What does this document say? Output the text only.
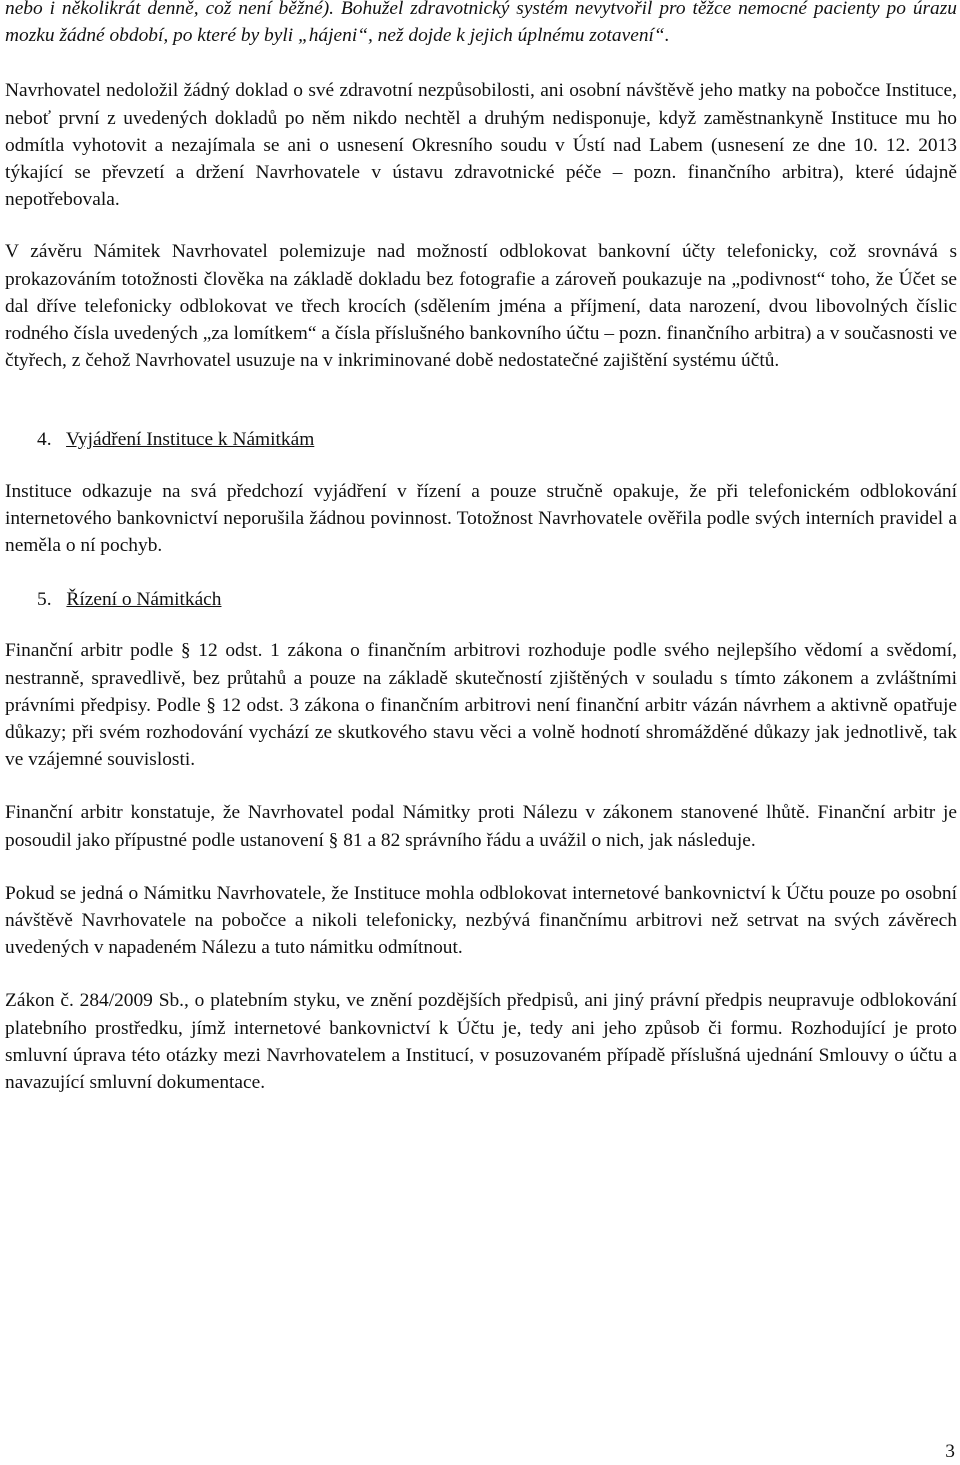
nebo i několikrát denně, což není běžné). Bohužel zdravotnický systém nevytvořil pro těžce nemocné pacienty po úrazu mozku žádné období, po které by byli „hájeni“, než dojde k jejich úplnému zotavení“.

Navrhovatel nedoložil žádný doklad o své zdravotní nezpůsobilosti, ani osobní návštěvě jeho matky na pobočce Instituce, neboť první z uvedených dokladů po něm nikdo nechtěl a druhým nedisponuje, když zaměstnankyně Instituce mu ho odmítla vyhotovit a nezajímala se ani o usnesení Okresního soudu v Ústí nad Labem (usnesení ze dne 10. 12. 2013 týkající se převzetí a držení Navrhovatele v ústavu zdravotnické péče – pozn. finančního arbitra), které údajně nepotřebovala.

V závěru Námitek Navrhovatel polemizuje nad možností odblokovat bankovní účty telefonicky, což srovnává s prokazováním totožnosti člověka na základě dokladu bez fotografie a zároveň poukazuje na „podivnost“ toho, že Účet se dal dříve telefonicky odblokovat ve třech krocích (sdělením jména a příjmení, data narození, dvou libovolných číslic rodného čísla uvedených „za lomítkem“ a čísla příslušného bankovního účtu – pozn. finančního arbitra) a v současnosti ve čtyřech, z čehož Navrhovatel usuzuje na v inkriminované době nedostatečné zajištění systému účtů.

4. Vyjádření Instituce k Námitkám

Instituce odkazuje na svá předchozí vyjádření v řízení a pouze stručně opakuje, že při telefonickém odblokování internetového bankovnictví neporušila žádnou povinnost. Totožnost Navrhovatele ověřila podle svých interních pravidel a neměla o ní pochyb.

5. Řízení o Námitkách

Finanční arbitr podle § 12 odst. 1 zákona o finančním arbitrovi rozhoduje podle svého nejlepšího vědomí a svědomí, nestranně, spravedlivě, bez průtahů a pouze na základě skutečností zjištěných v souladu s tímto zákonem a zvláštními právními předpisy. Podle § 12 odst. 3 zákona o finančním arbitrovi není finanční arbitr vázán návrhem a aktivně opatřuje důkazy; při svém rozhodování vychází ze skutkového stavu věci a volně hodnotí shromážděné důkazy jak jednotlivě, tak ve vzájemné souvislosti.

Finanční arbitr konstatuje, že Navrhovatel podal Námitky proti Nálezu v zákonem stanovené lhůtě. Finanční arbitr je posoudil jako přípustné podle ustanovení § 81 a 82 správního řádu a uvážil o nich, jak následuje.

Pokud se jedná o Námitku Navrhovatele, že Instituce mohla odblokovat internetové bankovnictví k Účtu pouze po osobní návštěvě Navrhovatele na pobočce a nikoli telefonicky, nezbývá finančnímu arbitrovi než setrvat na svých závěrech uvedených v napadeném Nálezu a tuto námitku odmítnout.

Zákon č. 284/2009 Sb., o platebním styku, ve znění pozdějších předpisů, ani jiný právní předpis neupravuje odblokování platebního prostředku, jímž internetové bankovnictví k Účtu je, tedy ani jeho způsob či formu. Rozhodující je proto smluvní úprava této otázky mezi Navrhovatelem a Institucí, v posuzovaném případě příslušná ujednání Smlouvy o účtu a navazující smluvní dokumentace.

3
